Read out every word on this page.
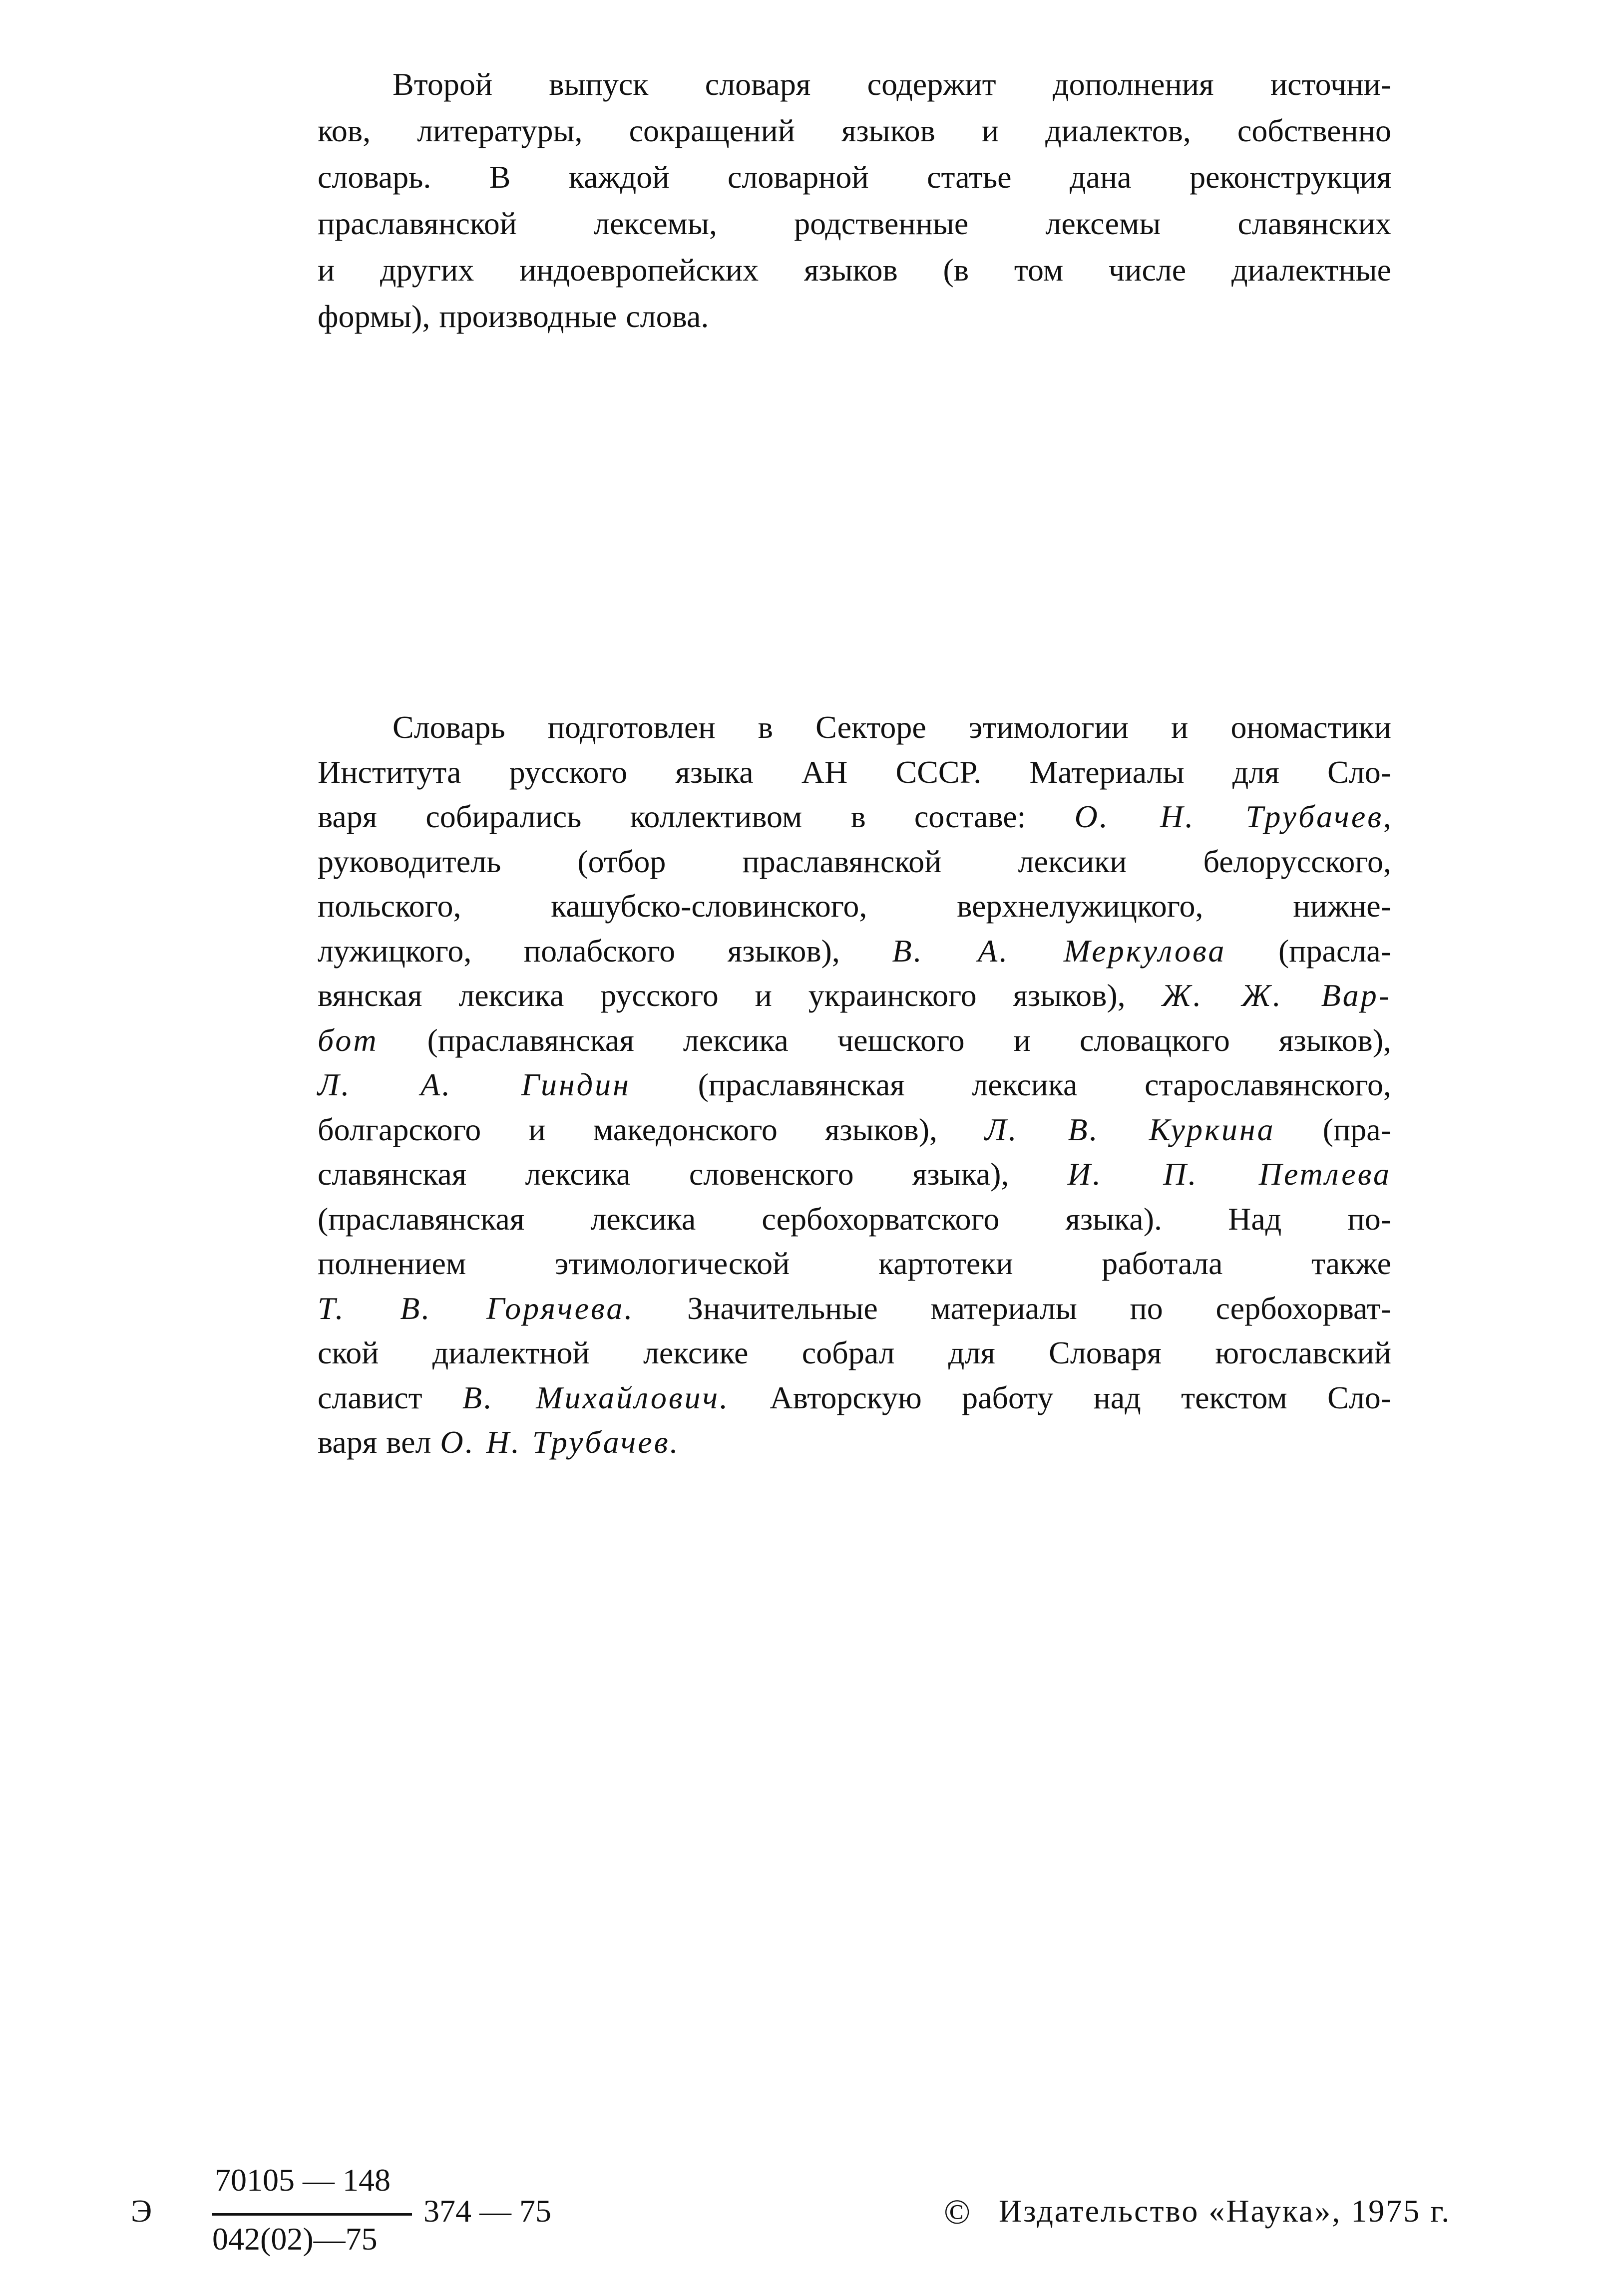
Второй выпуск словаря содержит дополнения источни-
ков, литературы, сокращений языков и диалектов, собственно
словарь. В каждой словарной статье дана реконструкция
праславянской лексемы, родственные лексемы славянских
и других индоевропейских языков (в том числе диалектные
формы), производные слова.
Словарь подготовлен в Секторе этимологии и ономастики
Института русского языка АН СССР. Материалы для Сло-
варя собирались коллективом в составе: О. Н. Трубачев,
руководитель (отбор праславянской лексики белорусского,
польского, кашубско-словинского, верхнелужицкого, нижне-
лужицкого, полабского языков), В. А. Меркулова (прасла-
вянская лексика русского и украинского языков), Ж. Ж. Вар-
бот (праславянская лексика чешского и словацкого языков),
Л. А. Гиндин (праславянская лексика старославянского,
болгарского и македонского языков), Л. В. Куркина (пра-
славянская лексика словенского языка), И. П. Петлева
(праславянская лексика сербохорватского языка). Над по-
полнением этимологической картотеки работала также
Т. В. Горячева. Значительные материалы по сербохорват-
ской диалектной лексике собрал для Словаря югославский
славист В. Михайлович. Авторскую работу над текстом Сло-
варя вел О. Н. Трубачев.
Э
70105 — 148
042(02)—75
374 — 75	© Издательство «Наука», 1975 г.
